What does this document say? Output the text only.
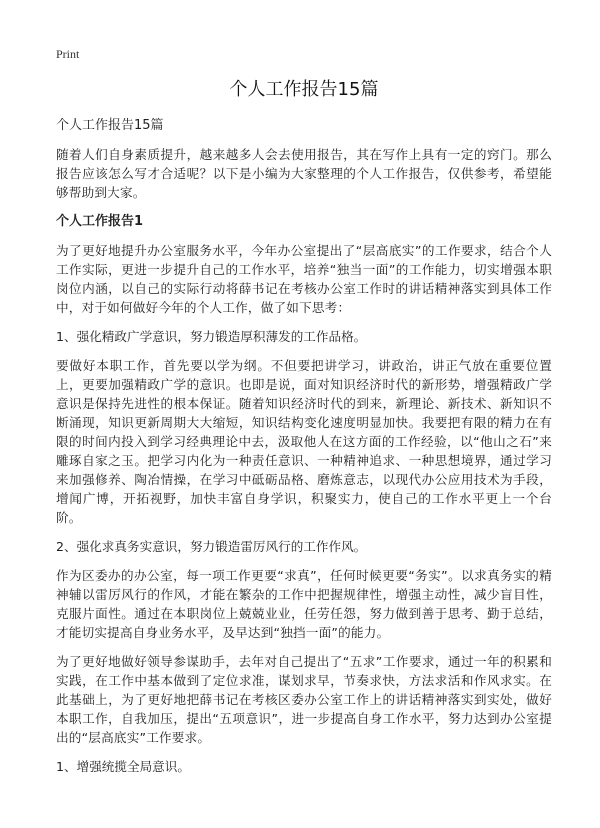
Print
个人工作报告15篇
个人工作报告15篇

随着人们自身素质提升，越来越多人会去使用报告，其在写作上具有一定的窍门。那么报告应该怎么写才合适呢？以下是小编为大家整理的个人工作报告，仅供参考，希望能够帮助到大家。

个人工作报告1

为了更好地提升办公室服务水平，今年办公室提出了“层高底实”的工作要求，结合个人工作实际，更进一步提升自己的工作水平，培养“独当一面”的工作能力，切实增强本职岗位内涵，以自己的实际行动将薛书记在考核办公室工作时的讲话精神落实到具体工作中，对于如何做好今年的个人工作，做了如下思考：

1、强化精政广学意识，努力锻造厚积薄发的工作品格。

要做好本职工作，首先要以学为纲。不但要把讲学习，讲政治，讲正气放在重要位置上，更要加强精政广学的意识。也即是说，面对知识经济时代的新形势，增强精政广学意识是保持先进性的根本保证。随着知识经济时代的到来，新理论、新技术、新知识不断涌现，知识更新周期大大缩短，知识结构变化速度明显加快。我要把有限的精力在有限的时间内投入到学习经典理论中去，汲取他人在这方面的工作经验，以“他山之石”来雕琢自家之玉。把学习内化为一种责任意识、一种精神追求、一种思想境界，通过学习来加强修养、陶冶情操，在学习中砥砺品格、磨炼意志，以现代办公应用技术为手段，增闻广博，开拓视野，加快丰富自身学识，积聚实力，使自己的工作水平更上一个台阶。

2、强化求真务实意识，努力锻造雷厉风行的工作作风。

作为区委办的办公室，每一项工作更要“求真”，任何时候更要“务实”。以求真务实的精神辅以雷厉风行的作风，才能在繁杂的工作中把握规律性，增强主动性，减少盲目性，克服片面性。通过在本职岗位上兢兢业业，任劳任怨，努力做到善于思考、勤于总结，才能切实提高自身业务水平，及早达到“独挡一面”的能力。

为了更好地做好领导参谋助手，去年对自己提出了“五求”工作要求，通过一年的积累和实践，在工作中基本做到了定位求准，谋划求早，节奏求快，方法求活和作风求实。在此基础上，为了更好地把薛书记在考核区委办公室工作上的讲话精神落实到实处，做好本职工作，自我加压，提出“五项意识”，进一步提高自身工作水平，努力达到办公室提出的“层高底实”工作要求。

1、增强统揽全局意识。
